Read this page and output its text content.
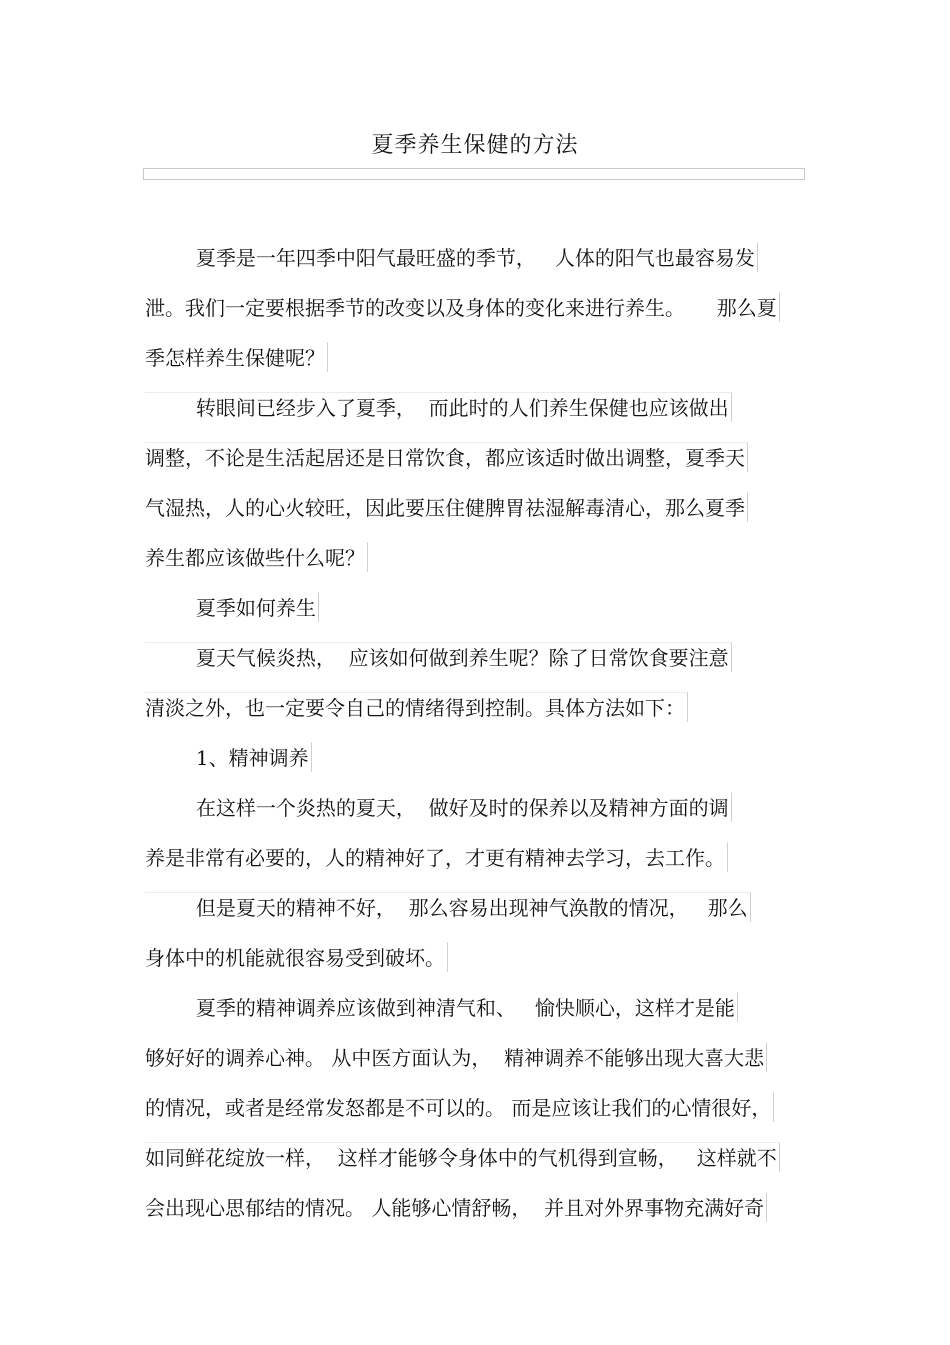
夏季养生保健的方法
夏季是一年四季中阳气最旺盛的季节，   人体的阳气也最容易发
泄。我们一定要根据季节的改变以及身体的变化来进行养生。     那么夏
季怎样养生保健呢？
转眼间已经步入了夏季，  而此时的人们养生保健也应该做出
调整，不论是生活起居还是日常饮食，都应该适时做出调整，夏季天
气湿热，人的心火较旺，因此要压住健脾胃祛湿解毒清心，那么夏季
养生都应该做些什么呢？
夏季如何养生
夏天气候炎热，  应该如何做到养生呢？除了日常饮食要注意
清淡之外，也一定要令自己的情绪得到控制。具体方法如下：
1、精神调养
在这样一个炎热的夏天，  做好及时的保养以及精神方面的调
养是非常有必要的，人的精神好了，才更有精神去学习，去工作。
但是夏天的精神不好，  那么容易出现神气涣散的情况，   那么
身体中的机能就很容易受到破坏。
夏季的精神调养应该做到神清气和、   愉快顺心，这样才是能
够好好的调养心神。 从中医方面认为，  精神调养不能够出现大喜大悲
的情况，或者是经常发怒都是不可以的。 而是应该让我们的心情很好，
如同鲜花绽放一样，  这样才能够令身体中的气机得到宣畅，   这样就不
会出现心思郁结的情况。 人能够心情舒畅，  并且对外界事物充满好奇
